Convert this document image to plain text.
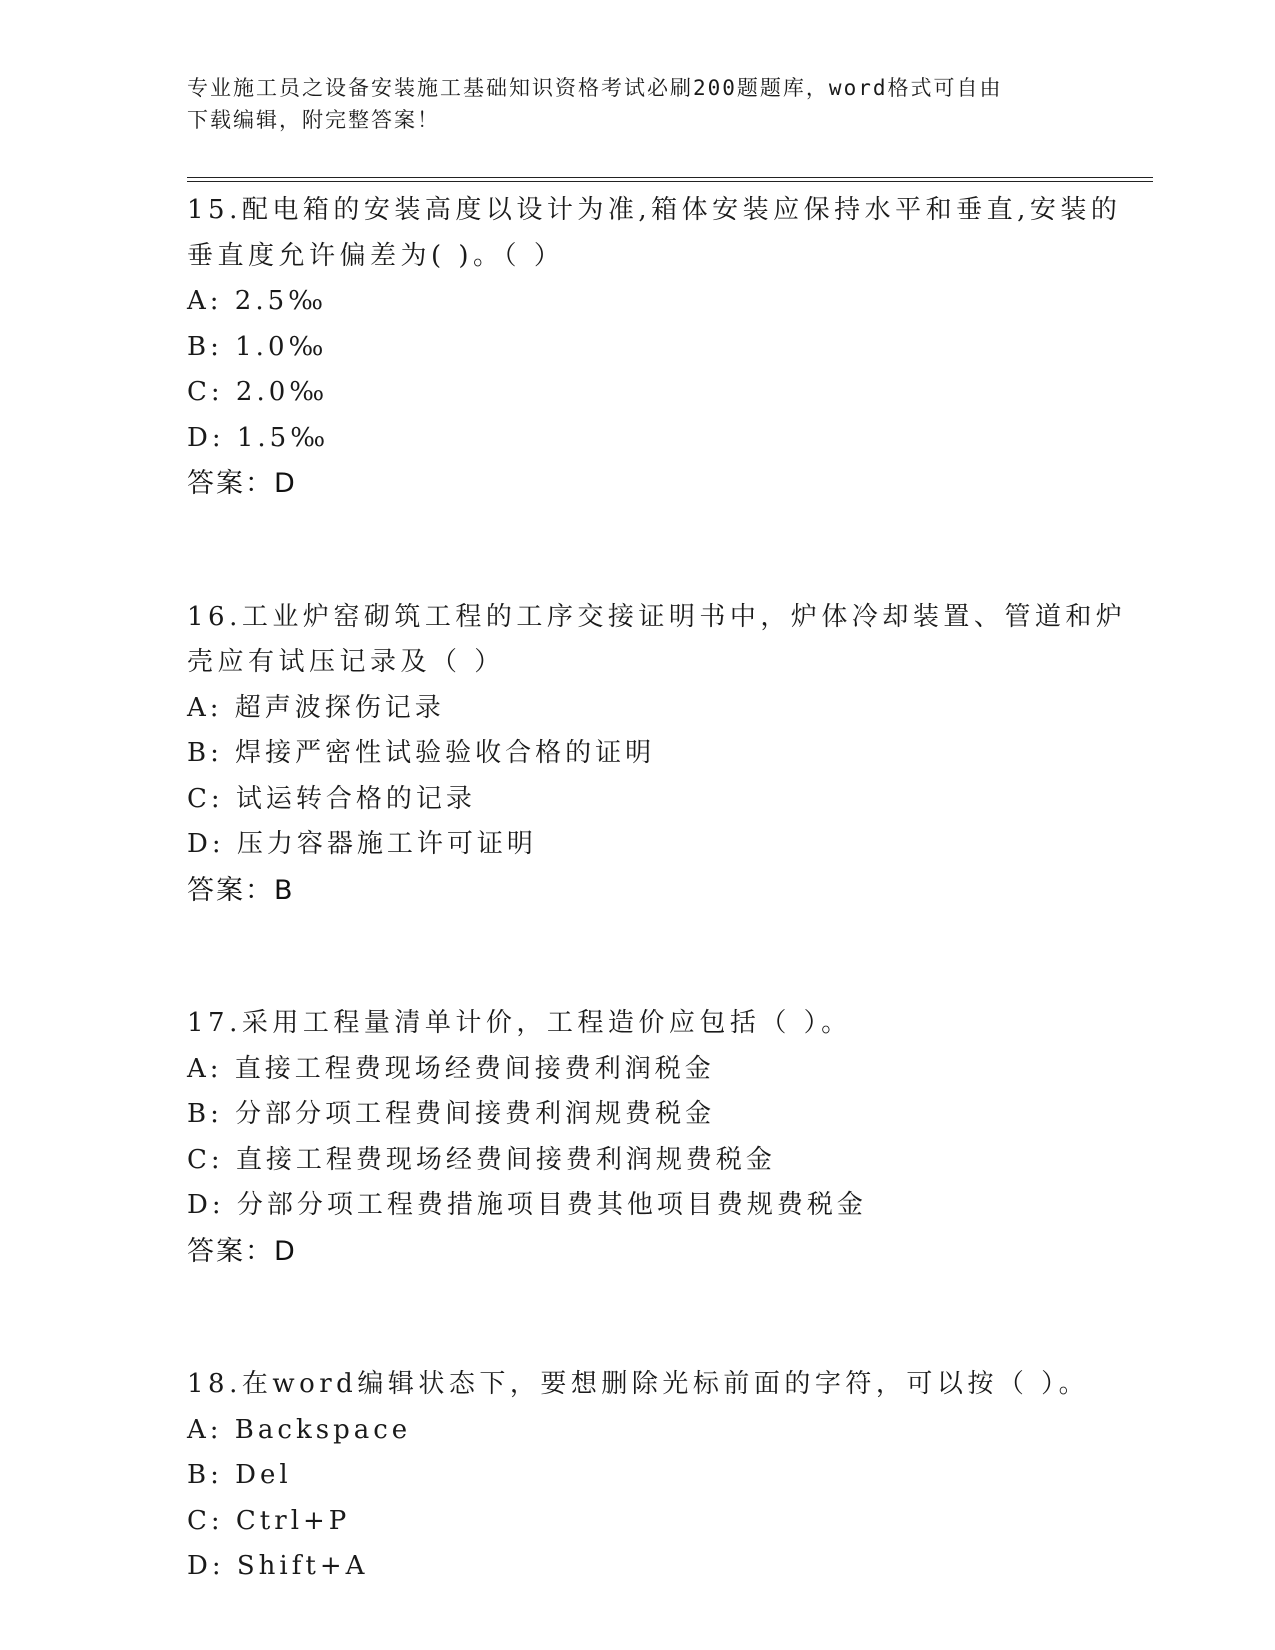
专业施工员之设备安装施工基础知识资格考试必刷200题题库，word格式可自由
下载编辑，附完整答案！
15.配电箱的安装高度以设计为准,箱体安装应保持水平和垂直,安装的
垂直度允许偏差为( )。（ ）
A: 2.5‰
B: 1.0‰
C: 2.0‰
D: 1.5‰
答案：D
16.工业炉窑砌筑工程的工序交接证明书中，炉体冷却装置、管道和炉
壳应有试压记录及（ ）
A: 超声波探伤记录
B: 焊接严密性试验验收合格的证明
C: 试运转合格的记录
D: 压力容器施工许可证明
答案：B
17.采用工程量清单计价，工程造价应包括（ ）。
A: 直接工程费现场经费间接费利润税金
B: 分部分项工程费间接费利润规费税金
C: 直接工程费现场经费间接费利润规费税金
D: 分部分项工程费措施项目费其他项目费规费税金
答案：D
18.在word编辑状态下，要想删除光标前面的字符，可以按（ ）。
A: Backspace
B: Del
C: Ctrl+P
D: Shift+A
